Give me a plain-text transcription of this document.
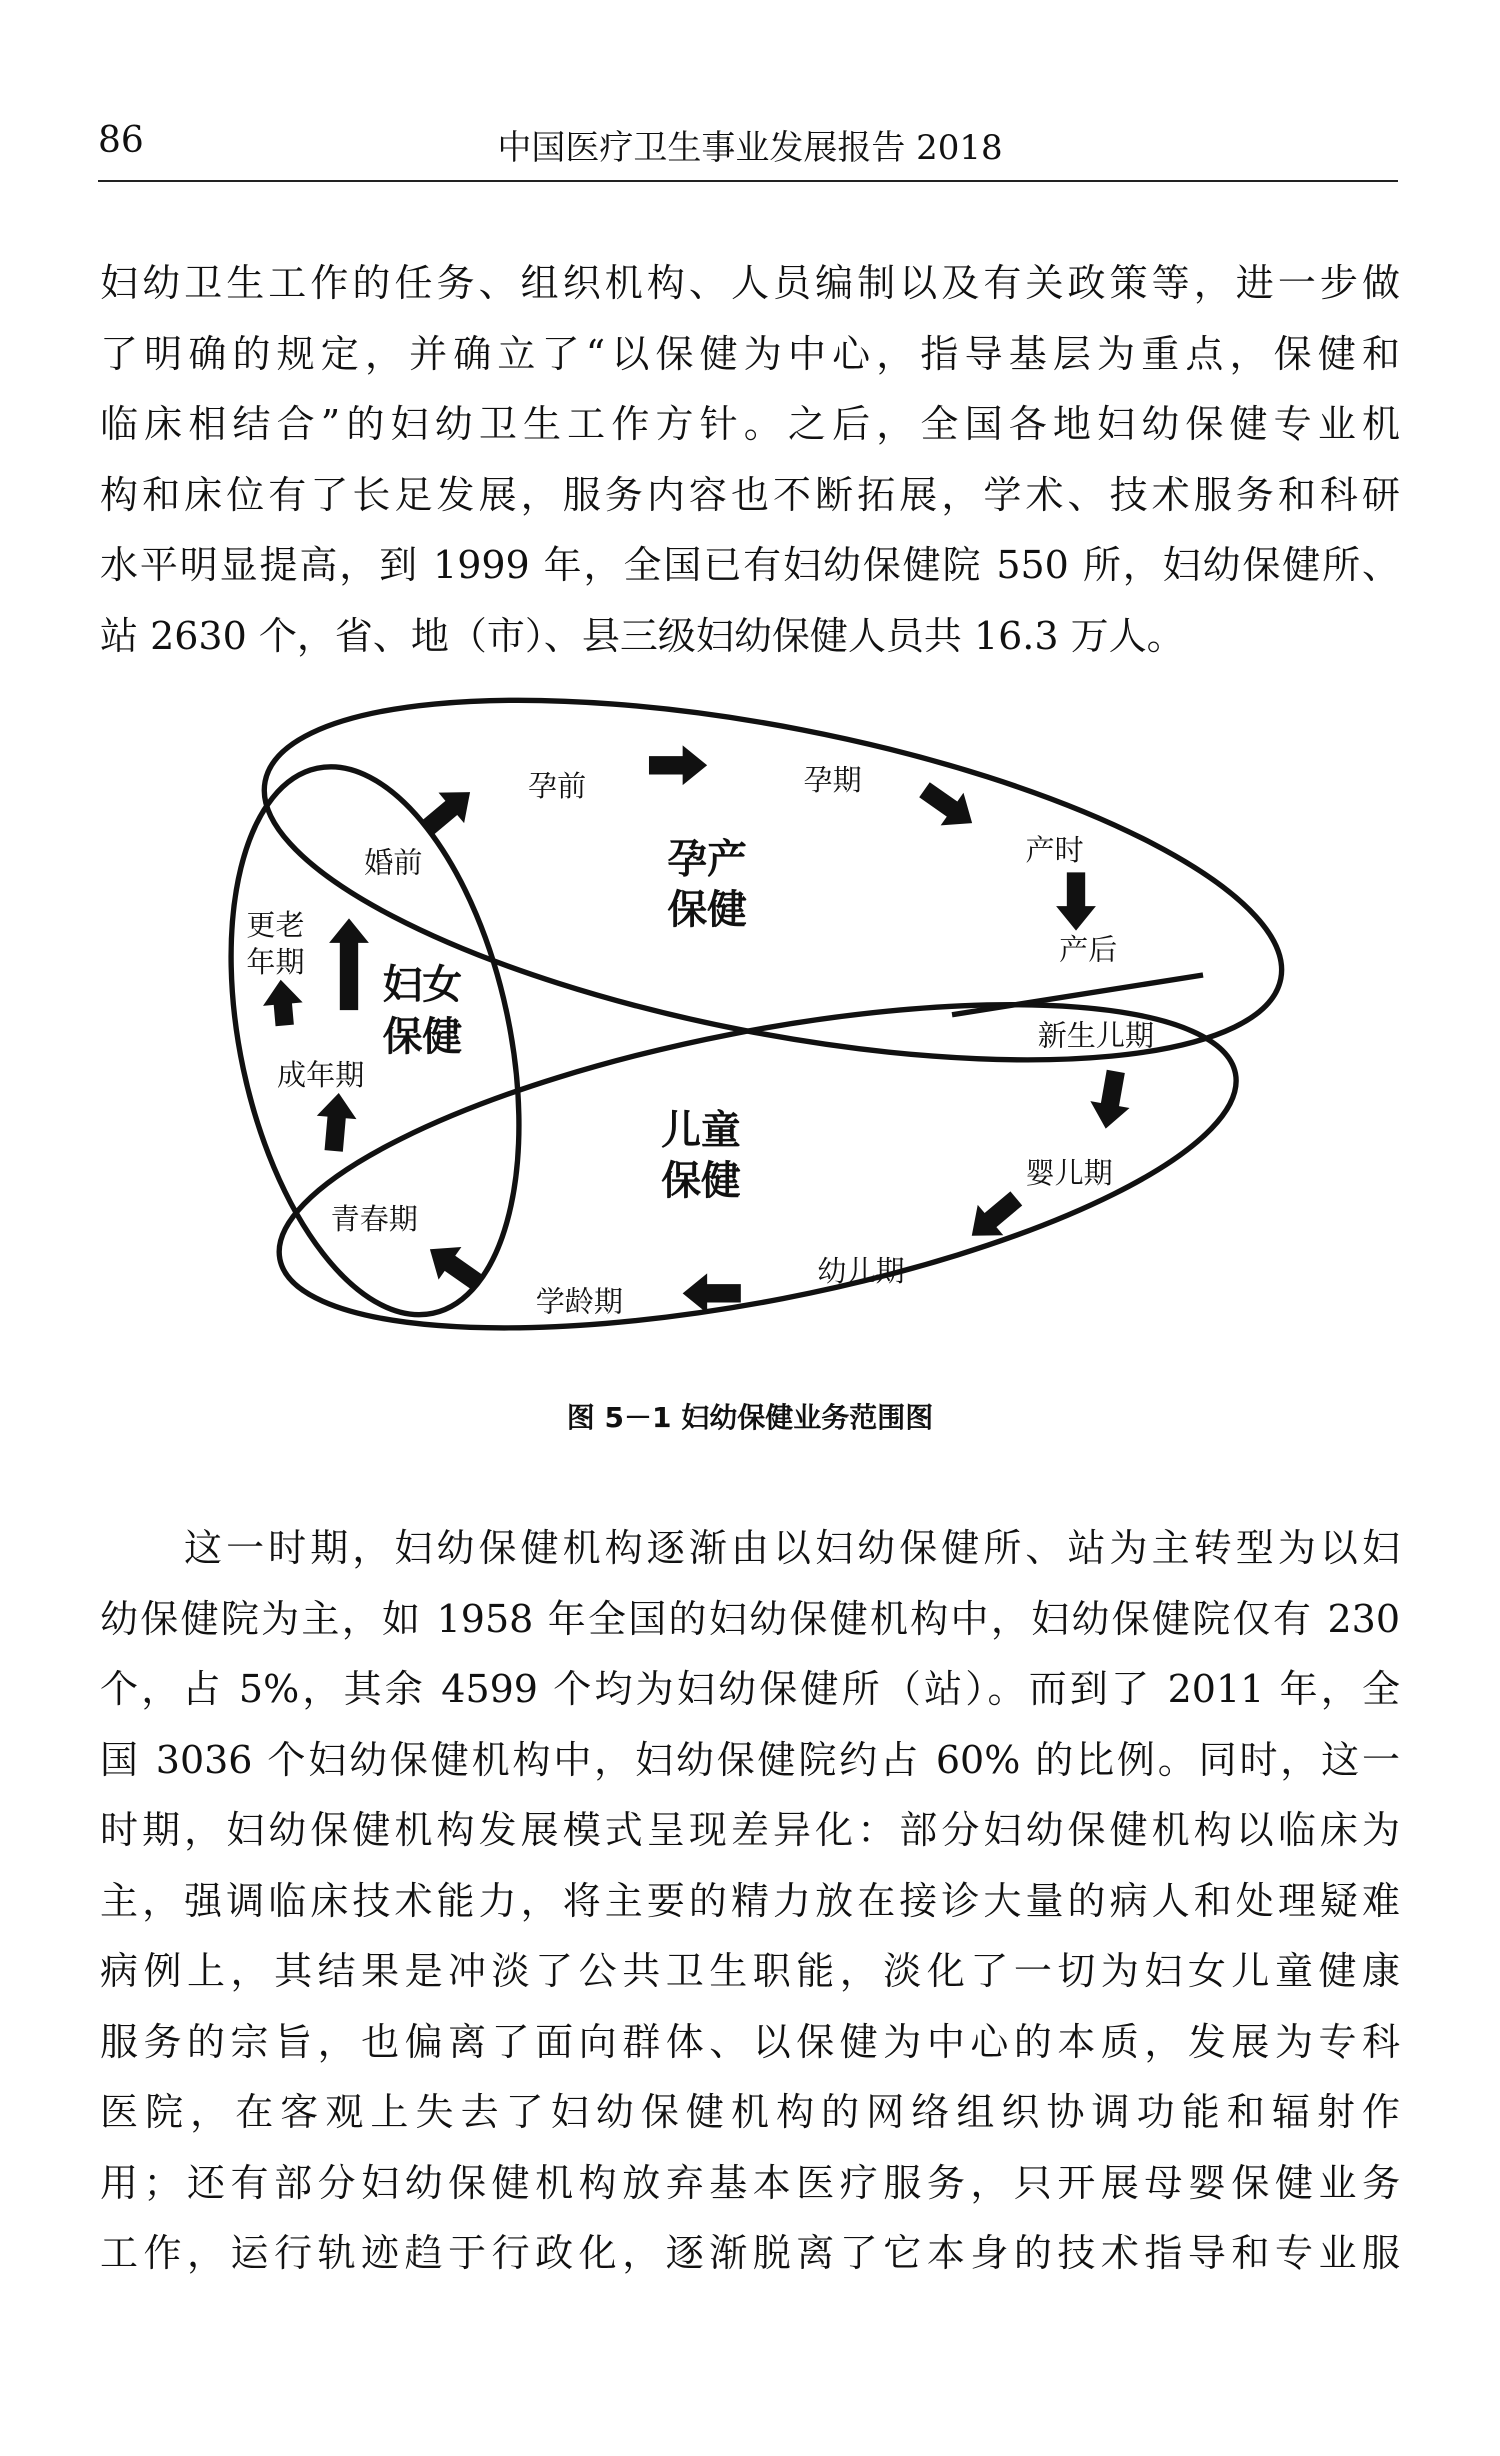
86	中国医疗卫生事业发展报告 2018
妇幼卫生工作的任务、组织机构、人员编制以及有关政策等，进一步做
了明确的规定，并确立了“以保健为中心，指导基层为重点，保健和
临床相结合”的妇幼卫生工作方针。之后，全国各地妇幼保健专业机
构和床位有了长足发展，服务内容也不断拓展，学术、技术服务和科研
水平明显提高，到 1999 年，全国已有妇幼保健院 550 所，妇幼保健所、
站 2630 个，省、地（市）、县三级妇幼保健人员共 16.3 万人。
孕前	孕期
产时
产后
新生儿期
婴儿期
幼儿期
学龄期
青春期
成年期
更老
年期
婚前	孕产
保健
妇女
保健
儿童
保健
图 5－1 妇幼保健业务范围图
这一时期，妇幼保健机构逐渐由以妇幼保健所、站为主转型为以妇
幼保健院为主，如 1958 年全国的妇幼保健机构中，妇幼保健院仅有 230
个，占 5%，其余 4599 个均为妇幼保健所（站）。而到了 2011 年，全
国 3036 个妇幼保健机构中，妇幼保健院约占 60% 的比例。同时，这一
时期，妇幼保健机构发展模式呈现差异化：部分妇幼保健机构以临床为
主，强调临床技术能力，将主要的精力放在接诊大量的病人和处理疑难
病例上，其结果是冲淡了公共卫生职能，淡化了一切为妇女儿童健康
服务的宗旨，也偏离了面向群体、以保健为中心的本质，发展为专科
医院，在客观上失去了妇幼保健机构的网络组织协调功能和辐射作
用；还有部分妇幼保健机构放弃基本医疗服务，只开展母婴保健业务
工作，运行轨迹趋于行政化，逐渐脱离了它本身的技术指导和专业服
